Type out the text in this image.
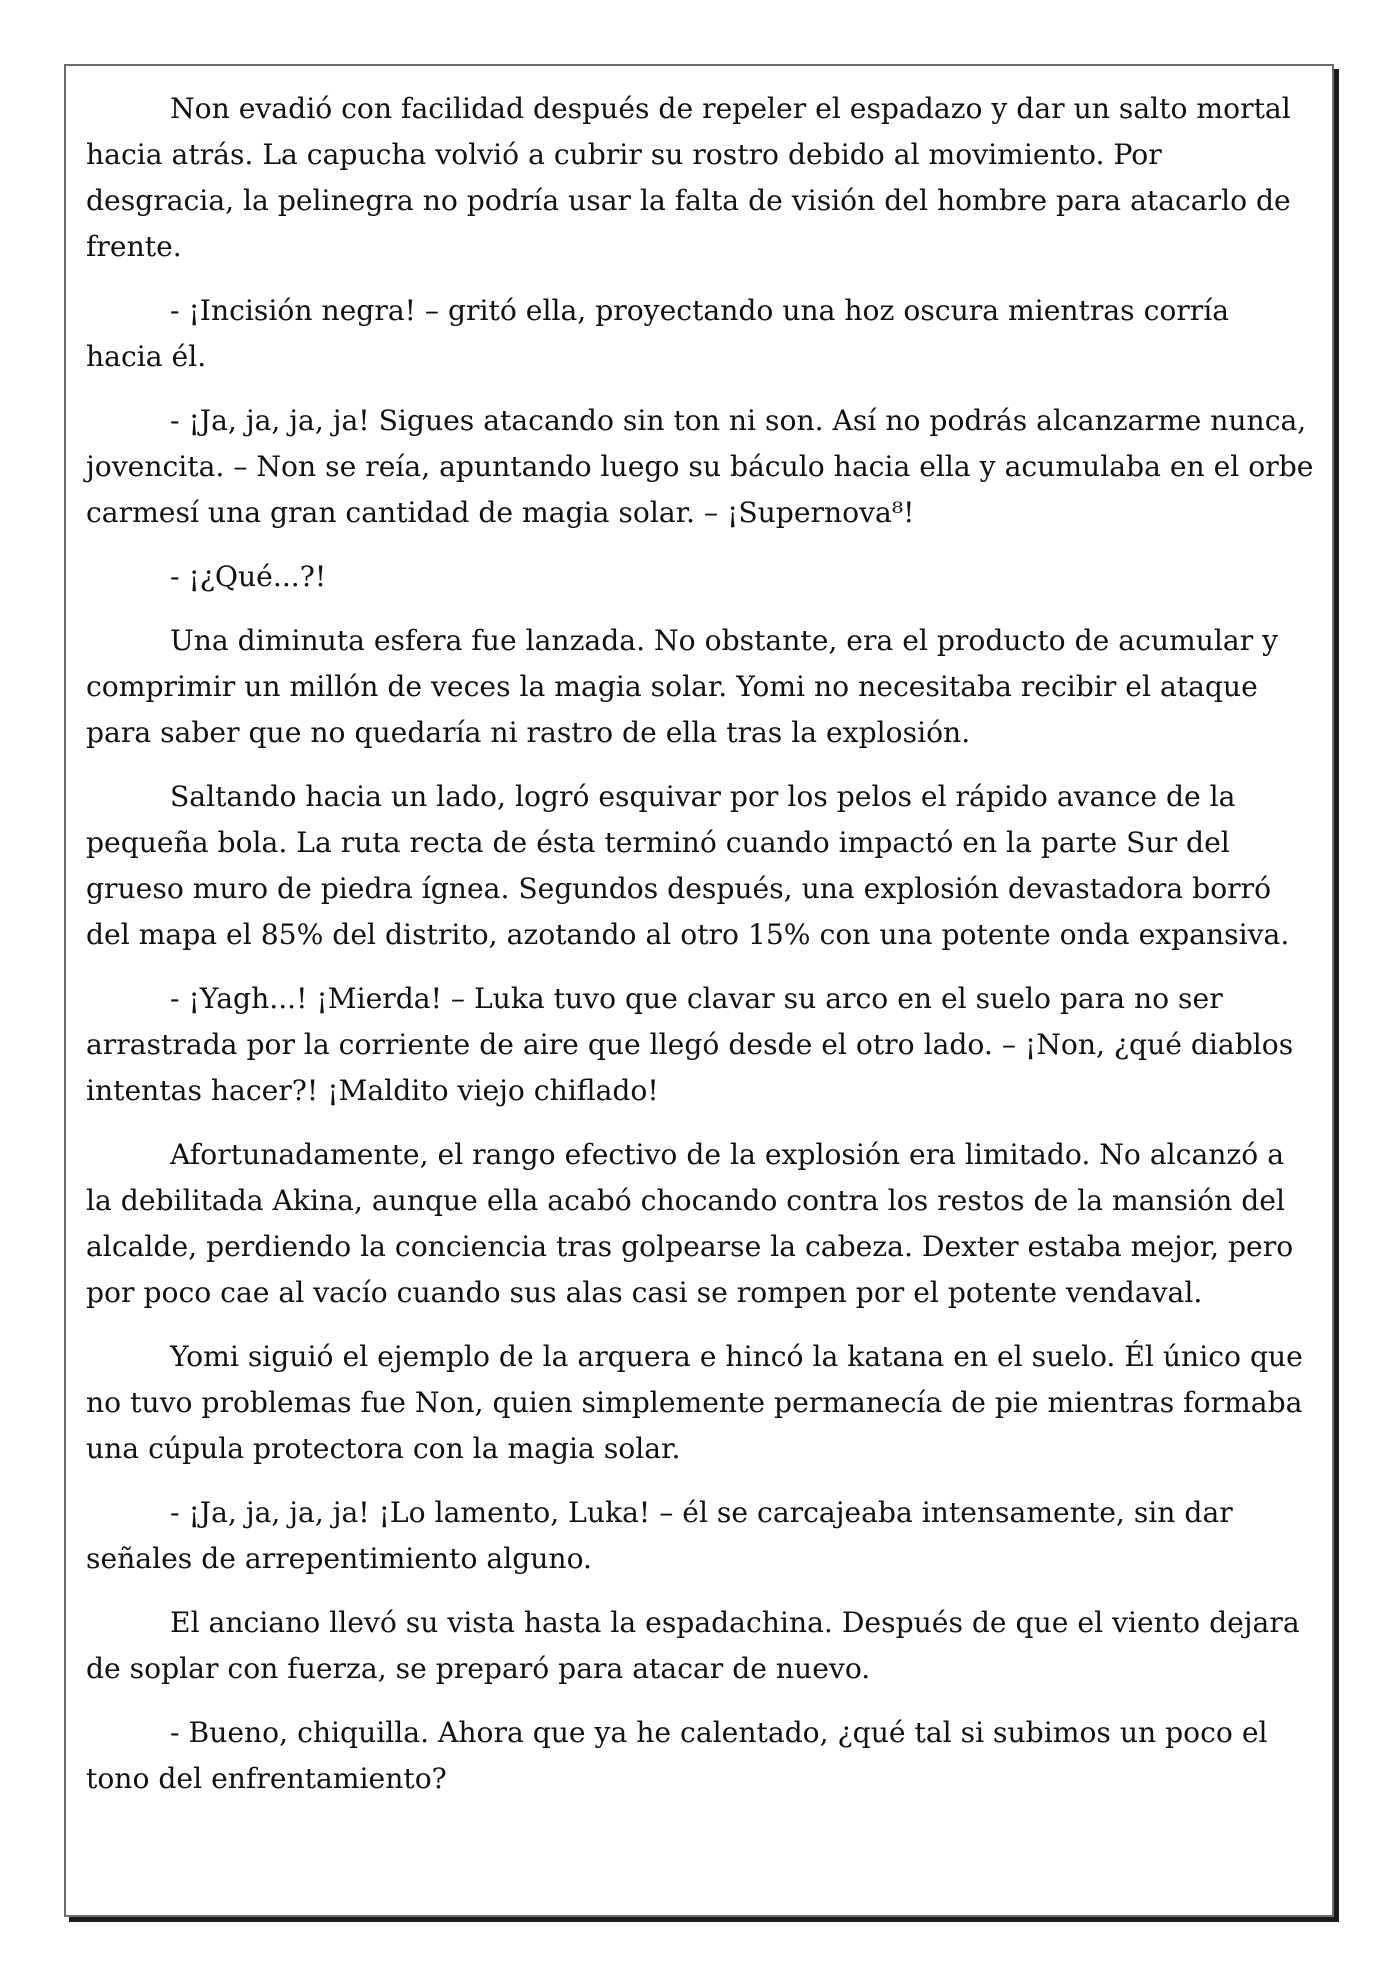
Non evadió con facilidad después de repeler el espadazo y dar un salto mortal hacia atrás. La capucha volvió a cubrir su rostro debido al movimiento. Por desgracia, la pelinegra no podría usar la falta de visión del hombre para atacarlo de frente.

- ¡Incisión negra! – gritó ella, proyectando una hoz oscura mientras corría hacia él.

- ¡Ja, ja, ja, ja! Sigues atacando sin ton ni son. Así no podrás alcanzarme nunca, jovencita. – Non se reía, apuntando luego su báculo hacia ella y acumulaba en el orbe carmesí una gran cantidad de magia solar. – ¡Supernova⁸!

- ¡¿Qué...?!

Una diminuta esfera fue lanzada. No obstante, era el producto de acumular y comprimir un millón de veces la magia solar. Yomi no necesitaba recibir el ataque para saber que no quedaría ni rastro de ella tras la explosión.

Saltando hacia un lado, logró esquivar por los pelos el rápido avance de la pequeña bola. La ruta recta de ésta terminó cuando impactó en la parte Sur del grueso muro de piedra ígnea. Segundos después, una explosión devastadora borró del mapa el 85% del distrito, azotando al otro 15% con una potente onda expansiva.

- ¡Yagh...! ¡Mierda! – Luka tuvo que clavar su arco en el suelo para no ser arrastrada por la corriente de aire que llegó desde el otro lado. – ¡Non, ¿qué diablos intentas hacer?! ¡Maldito viejo chiflado!

Afortunadamente, el rango efectivo de la explosión era limitado. No alcanzó a la debilitada Akina, aunque ella acabó chocando contra los restos de la mansión del alcalde, perdiendo la conciencia tras golpearse la cabeza. Dexter estaba mejor, pero por poco cae al vacío cuando sus alas casi se rompen por el potente vendaval.

Yomi siguió el ejemplo de la arquera e hincó la katana en el suelo. Él único que no tuvo problemas fue Non, quien simplemente permanecía de pie mientras formaba una cúpula protectora con la magia solar.

- ¡Ja, ja, ja, ja! ¡Lo lamento, Luka! – él se carcajeaba intensamente, sin dar señales de arrepentimiento alguno.

El anciano llevó su vista hasta la espadachina. Después de que el viento dejara de soplar con fuerza, se preparó para atacar de nuevo.

- Bueno, chiquilla. Ahora que ya he calentado, ¿qué tal si subimos un poco el tono del enfrentamiento?
